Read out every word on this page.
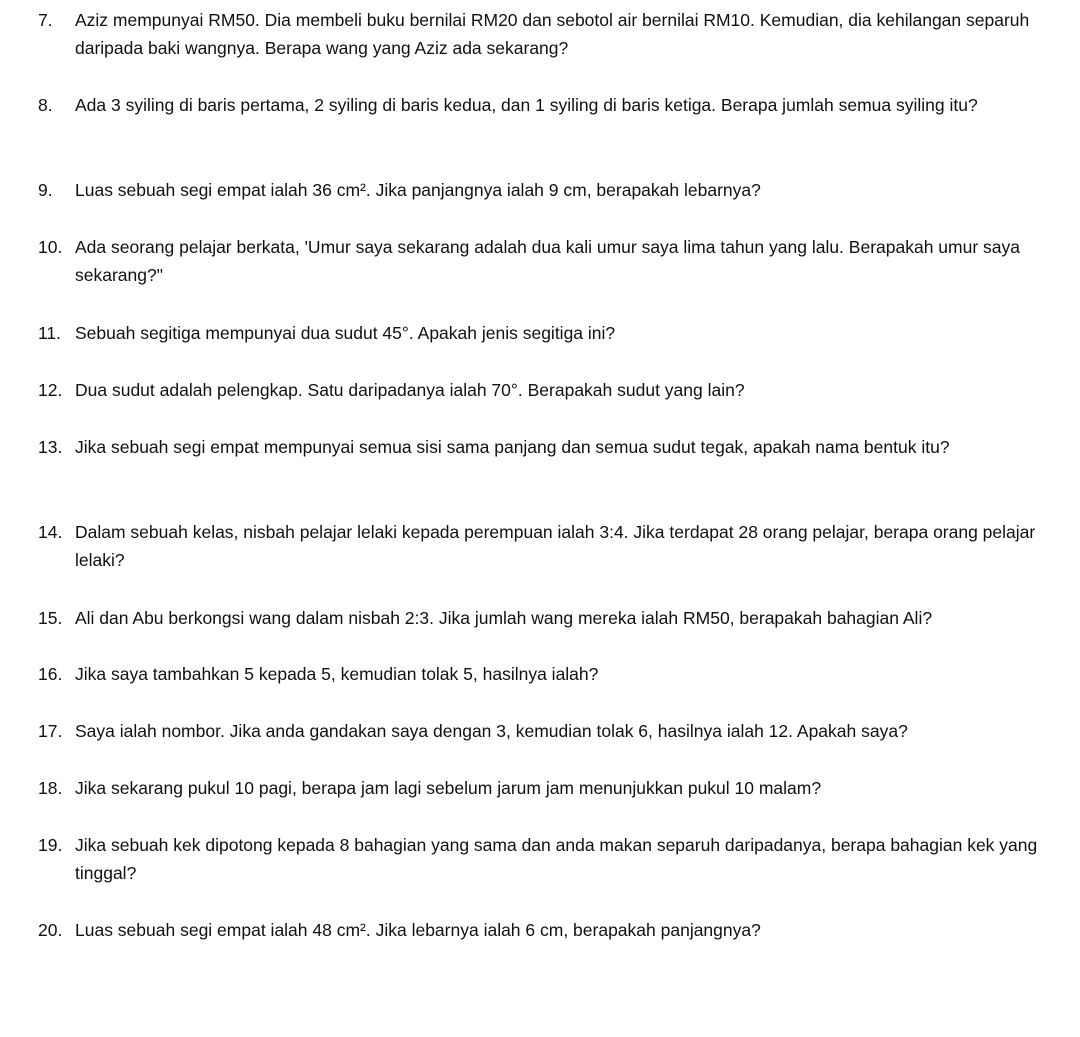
7.	Aziz mempunyai RM50. Dia membeli buku bernilai RM20 dan sebotol air bernilai RM10. Kemudian, dia kehilangan separuh daripada baki wangnya. Berapa wang yang Aziz ada sekarang?
8.	Ada 3 syiling di baris pertama, 2 syiling di baris kedua, dan 1 syiling di baris ketiga. Berapa jumlah semua syiling itu?
9.	Luas sebuah segi empat ialah 36 cm². Jika panjangnya ialah 9 cm, berapakah lebarnya?
10. Ada seorang pelajar berkata, 'Umur saya sekarang adalah dua kali umur saya lima tahun yang lalu. Berapakah umur saya sekarang?"
11. Sebuah segitiga mempunyai dua sudut 45°. Apakah jenis segitiga ini?
12. Dua sudut adalah pelengkap. Satu daripadanya ialah 70°. Berapakah sudut yang lain?
13. Jika sebuah segi empat mempunyai semua sisi sama panjang dan semua sudut tegak, apakah nama bentuk itu?
14. Dalam sebuah kelas, nisbah pelajar lelaki kepada perempuan ialah 3:4. Jika terdapat 28 orang pelajar, berapa orang pelajar lelaki?
15. Ali dan Abu berkongsi wang dalam nisbah 2:3. Jika jumlah wang mereka ialah RM50, berapakah bahagian Ali?
16. Jika saya tambahkan 5 kepada 5, kemudian tolak 5, hasilnya ialah?
17. Saya ialah nombor. Jika anda gandakan saya dengan 3, kemudian tolak 6, hasilnya ialah 12. Apakah saya?
18. Jika sekarang pukul 10 pagi, berapa jam lagi sebelum jarum jam menunjukkan pukul 10 malam?
19. Jika sebuah kek dipotong kepada 8 bahagian yang sama dan anda makan separuh daripadanya, berapa bahagian kek yang tinggal?
20. Luas sebuah segi empat ialah 48 cm². Jika lebarnya ialah 6 cm, berapakah panjangnya?
